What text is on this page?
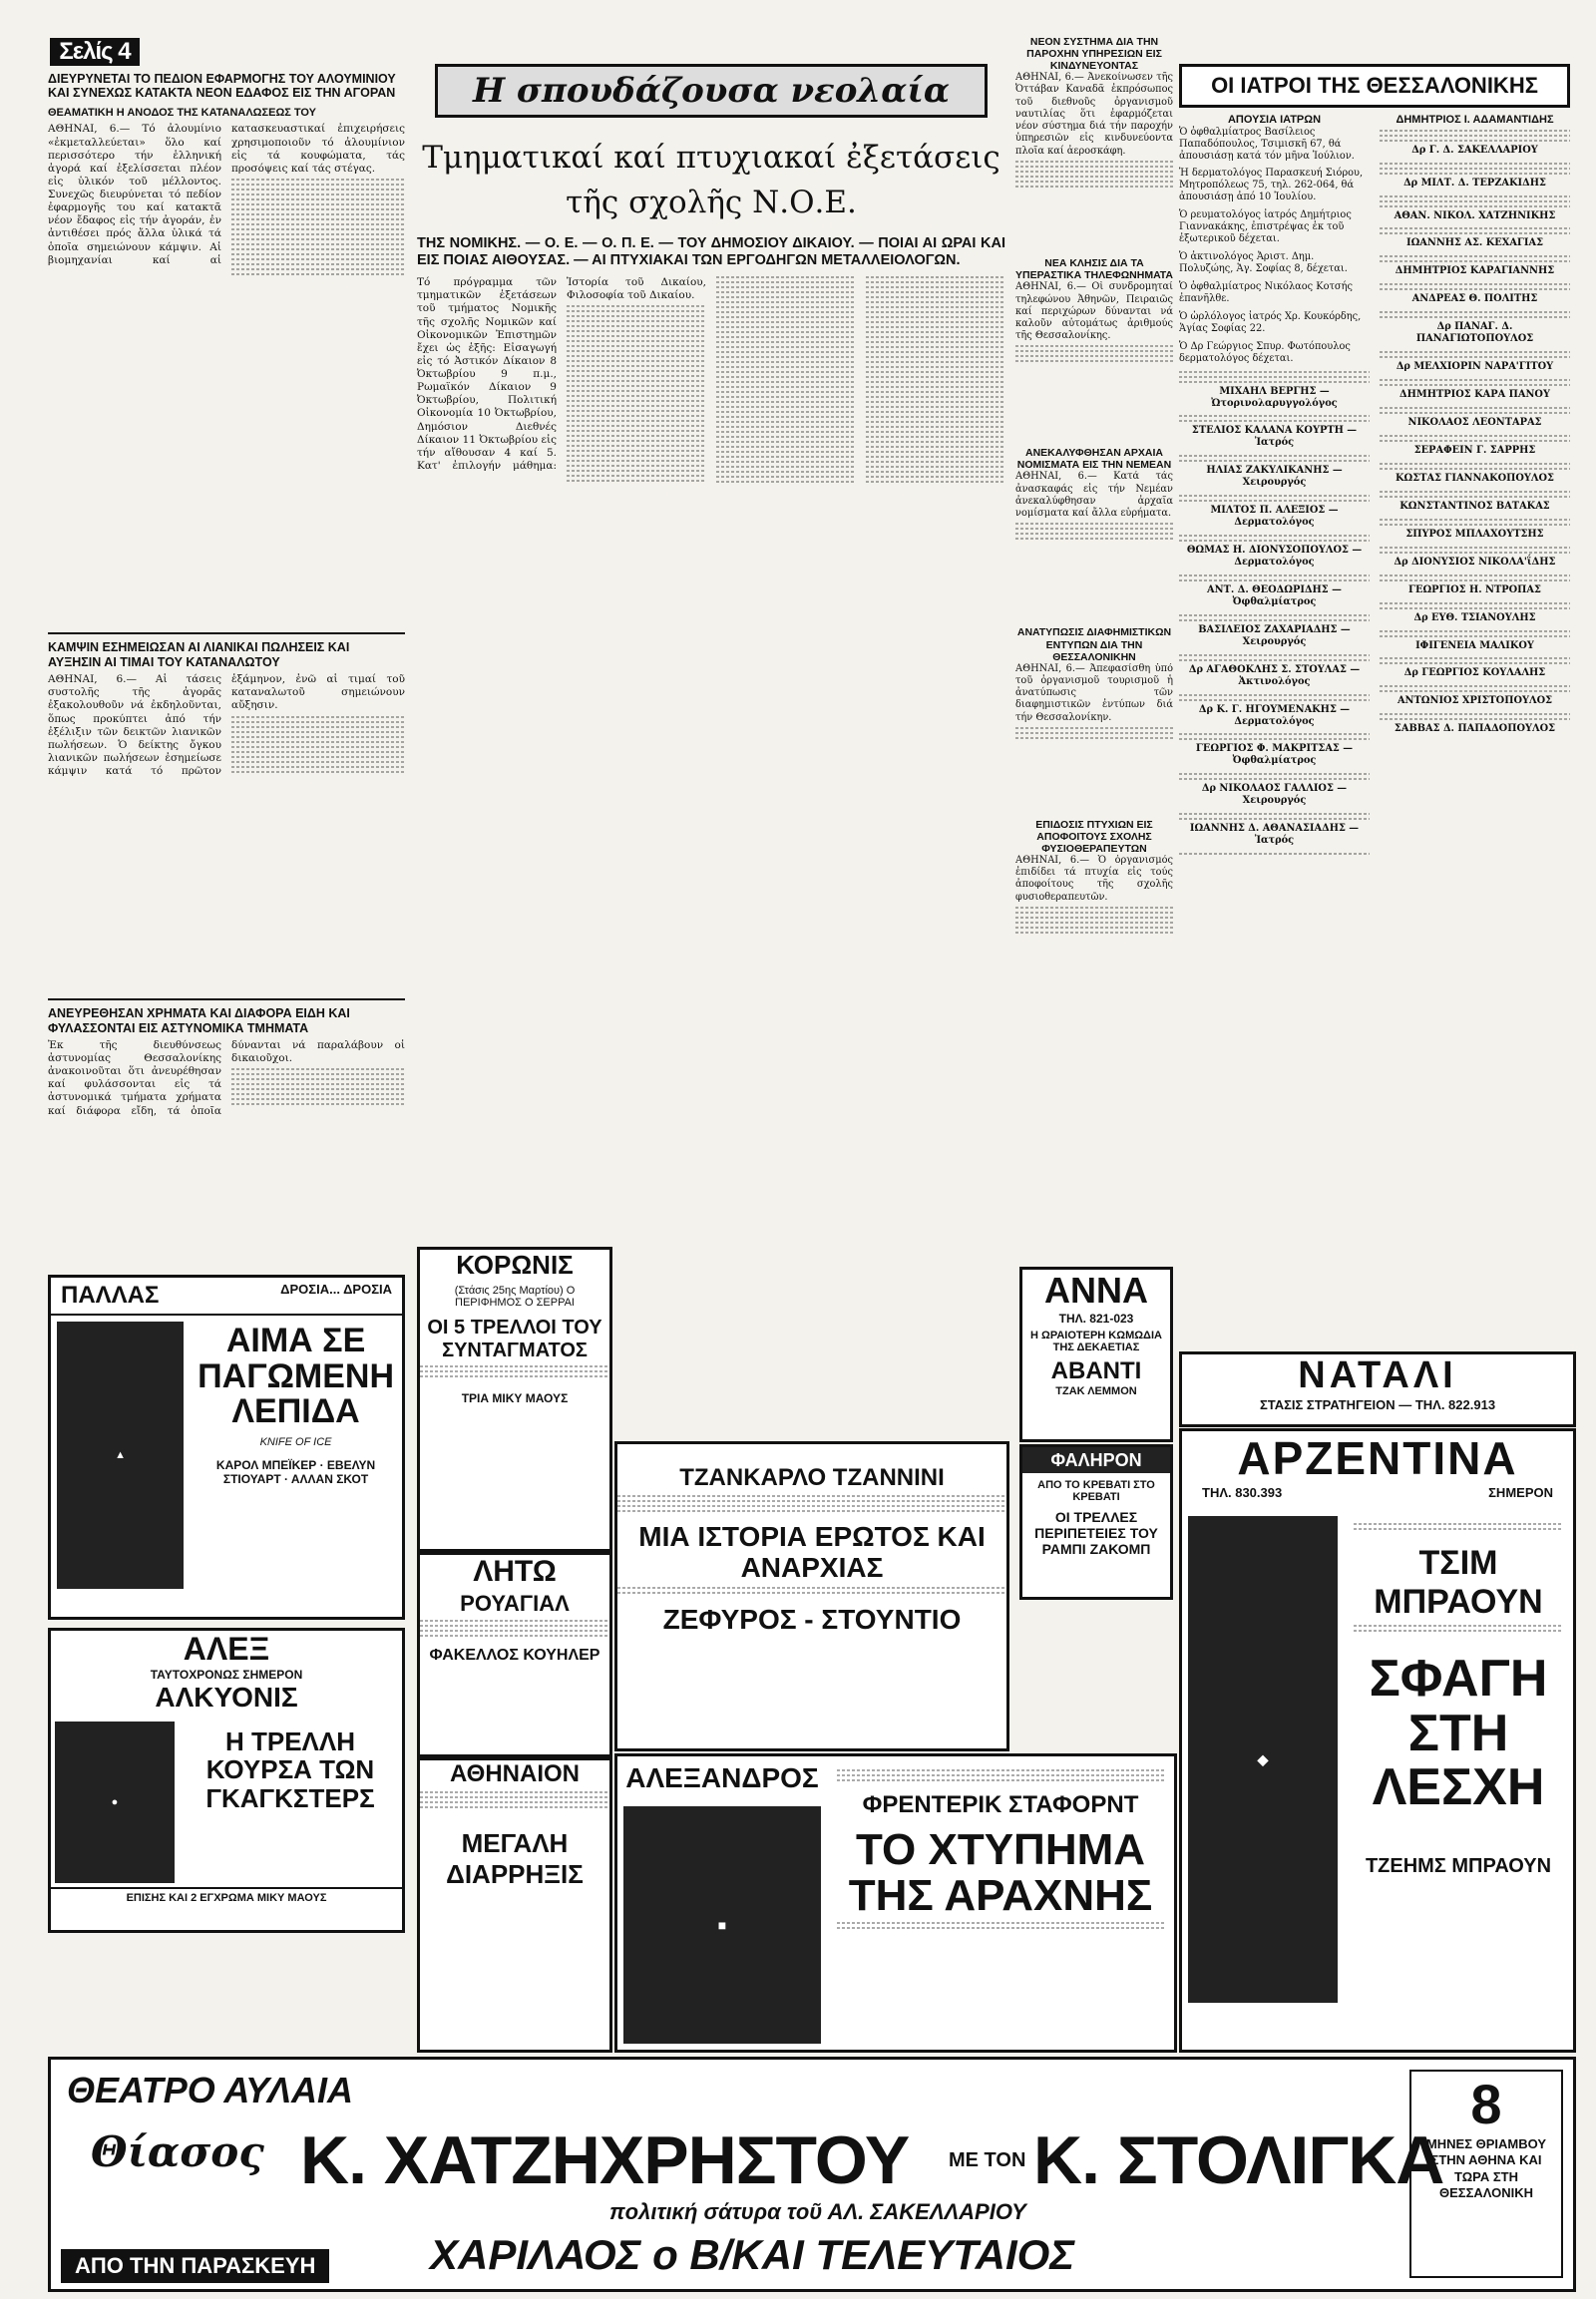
Σελίς 4
ΔΙΕΥΡΥΝΕΤΑΙ ΤΟ ΠΕΔΙΟΝ ΕΦΑΡΜΟΓΗΣ ΤΟΥ ΑΛΟΥΜΙΝΙΟΥ ΚΑΙ ΣΥΝΕΧΩΣ ΚΑΤΑΚΤΑ ΝΕΟΝ ΕΔΑΦΟΣ ΕΙΣ ΤΗΝ ΑΓΟΡΑΝ
ΘΕΑΜΑΤΙΚΗ Η ΑΝΟΔΟΣ ΤΗΣ ΚΑΤΑΝΑΛΩΣΕΩΣ ΤΟΥ
ΑΘΗΝΑΙ, 6.— Τό ἀλουμίνιο «ἐκμεταλλεύεται» ὅλο καί περισσότερο τήν ἑλληνική ἀγορά καί ἐξελίσσεται πλέον εἰς ὑλικόν τοῦ μέλλοντος. Συνεχῶς διευρύνεται τό πεδίον ἐφαρμογῆς του καί κατακτᾶ νέον ἔδαφος εἰς τήν ἀγοράν, ἐν ἀντιθέσει πρός ἄλλα ὑλικά τά ὁποῖα σημειώνουν κάμψιν. Αἱ βιομηχανίαι καί αἱ κατασκευαστικαί ἐπιχειρήσεις χρησιμοποιοῦν τό ἀλουμίνιον εἰς τά κουφώματα, τάς προσόψεις καί τάς στέγας.
ΚΑΜΨΙΝ ΕΣΗΜΕΙΩΣΑΝ ΑΙ ΛΙΑΝΙΚΑΙ ΠΩΛΗΣΕΙΣ ΚΑΙ ΑΥΞΗΣΙΝ ΑΙ ΤΙΜΑΙ ΤΟΥ ΚΑΤΑΝΑΛΩΤΟΥ
ΑΘΗΝΑΙ, 6.— Αἱ τάσεις συστολῆς τῆς ἀγορᾶς ἐξακολουθοῦν νά ἐκδηλοῦνται, ὅπως προκύπτει ἀπό τήν ἐξέλιξιν τῶν δεικτῶν λιανικῶν πωλήσεων. Ὁ δείκτης ὄγκου λιανικῶν πωλήσεων ἐσημείωσε κάμψιν κατά τό πρῶτον ἑξάμηνον, ἐνῶ αἱ τιμαί τοῦ καταναλωτοῦ σημειώνουν αὔξησιν.
ΑΝΕΥΡΕΘΗΣΑΝ ΧΡΗΜΑΤΑ ΚΑΙ ΔΙΑΦΟΡΑ ΕΙΔΗ ΚΑΙ ΦΥΛΑΣΣΟΝΤΑΙ ΕΙΣ ΑΣΤΥΝΟΜΙΚΑ ΤΜΗΜΑΤΑ
Ἐκ τῆς διευθύνσεως ἀστυνομίας Θεσσαλονίκης ἀνακοινοῦται ὅτι ἀνευρέθησαν καί φυλάσσονται εἰς τά ἀστυνομικά τμήματα χρήματα καί διάφορα εἴδη, τά ὁποῖα δύνανται νά παραλάβουν οἱ δικαιοῦχοι.
ΠΑΛΛΑΣ	ΔΡΟΣΙΑ... ΔΡΟΣΙΑ
▲
ΑΙΜΑ ΣΕ ΠΑΓΩΜΕΝΗ ΛΕΠΙΔΑ
KNIFE OF ICE
ΚΑΡΟΛ ΜΠΕΪΚΕΡ · ΕΒΕΛΥΝ ΣΤΙΟΥΑΡΤ · ΑΛΛΑΝ ΣΚΟΤ
ΑΛΕΞ
ΤΑΥΤΟΧΡΟΝΩΣ ΣΗΜΕΡΟΝ
ΑΛΚΥΟΝΙΣ
●
Η ΤΡΕΛΛΗ ΚΟΥΡΣΑ ΤΩΝ ΓΚΑΓΚΣΤΕΡΣ
ΕΠΙΣΗΣ ΚΑΙ 2 ΕΓΧΡΩΜΑ ΜΙΚΥ ΜΑΟΥΣ
Η σπουδάζουσα νεολαία
Τμηματικαί καί πτυχιακαί ἐξετάσεις τῆς σχολῆς Ν.Ο.Ε.
ΤΗΣ ΝΟΜΙΚΗΣ. — Ο. Ε. — Ο. Π. Ε. — ΤΟΥ ΔΗΜΟΣΙΟΥ ΔΙΚΑΙΟΥ. — ΠΟΙΑΙ ΑΙ ΩΡΑΙ ΚΑΙ ΕΙΣ ΠΟΙΑΣ ΑΙΘΟΥΣΑΣ. — ΑΙ ΠΤΥΧΙΑΚΑΙ ΤΩΝ ΕΡΓΟΔΗΓΩΝ ΜΕΤΑΛΛΕΙΟΛΟΓΩΝ.
Τό πρόγραμμα τῶν τμηματικῶν ἐξετάσεων τοῦ τμήματος Νομικῆς τῆς σχολῆς Νομικῶν καί Οἰκονομικῶν Ἐπιστημῶν ἔχει ὡς ἑξῆς: Εἰσαγωγή εἰς τό Ἀστικόν Δίκαιον 8 Ὀκτωβρίου 9 π.μ., Ρωμαϊκόν Δίκαιον 9 Ὀκτωβρίου, Πολιτική Οἰκονομία 10 Ὀκτωβρίου, Δημόσιον Διεθνές Δίκαιον 11 Ὀκτωβρίου εἰς τήν αἴθουσαν 4 καί 5. Κατ' ἐπιλογήν μάθημα: Ἱστορία τοῦ Δικαίου, Φιλοσοφία τοῦ Δικαίου.
ΝΕΟΝ ΣΥΣΤΗΜΑ ΔΙΑ ΤΗΝ ΠΑΡΟΧΗΝ ΥΠΗΡΕΣΙΩΝ ΕΙΣ ΚΙΝΔΥΝΕΥΟΝΤΑΣ
ΑΘΗΝΑΙ, 6.— Ἀνεκοίνωσεν τῆς Ὀττάβαν Καναδᾶ ἐκπρόσωπος τοῦ διεθνοῦς ὀργανισμοῦ ναυτιλίας ὅτι ἐφαρμόζεται νέον σύστημα διά τήν παροχήν ὑπηρεσιῶν εἰς κινδυνεύοντα πλοῖα καί ἀεροσκάφη.
ΝΕΑ ΚΛΗΣΙΣ ΔΙΑ ΤΑ ΥΠΕΡΑΣΤΙΚΑ ΤΗΛΕΦΩΝΗΜΑΤΑ
ΑΘΗΝΑΙ, 6.— Οἱ συνδρομηταί τηλεφώνου Ἀθηνῶν, Πειραιῶς καί περιχώρων δύνανται νά καλοῦν αὐτομάτως ἀριθμούς τῆς Θεσσαλονίκης.
ΑΝΕΚΑΛΥΦΘΗΣΑΝ ΑΡΧΑΙΑ ΝΟΜΙΣΜΑΤΑ ΕΙΣ ΤΗΝ ΝΕΜΕΑΝ
ΑΘΗΝΑΙ, 6.— Κατά τάς ἀνασκαφάς εἰς τήν Νεμέαν ἀνεκαλύφθησαν ἀρχαῖα νομίσματα καί ἄλλα εὑρήματα.
ΑΝΑΤΥΠΩΣΙΣ ΔΙΑΦΗΜΙΣΤΙΚΩΝ ΕΝΤΥΠΩΝ ΔΙΑ ΤΗΝ ΘΕΣΣΑΛΟΝΙΚΗΝ
ΑΘΗΝΑΙ, 6.— Ἀπεφασίσθη ὑπό τοῦ ὀργανισμοῦ τουρισμοῦ ἡ ἀνατύπωσις τῶν διαφημιστικῶν ἐντύπων διά τήν Θεσσαλονίκην.
ΕΠΙΔΟΣΙΣ ΠΤΥΧΙΩΝ ΕΙΣ ΑΠΟΦΟΙΤΟΥΣ ΣΧΟΛΗΣ ΦΥΣΙΟΘΕΡΑΠΕΥΤΩΝ
ΑΘΗΝΑΙ, 6.— Ὁ ὀργανισμός ἐπιδίδει τά πτυχία εἰς τούς ἀποφοίτους τῆς σχολῆς φυσιοθεραπευτῶν.
ΑΝΝΑ
ΤΗΛ. 821-023
Η ΩΡΑΙΟΤΕΡΗ ΚΩΜΩΔΙΑ ΤΗΣ ΔΕΚΑΕΤΙΑΣ
ΑΒΑΝΤΙ
ΤΖΑΚ ΛΕΜΜΟΝ
ΦΑΛΗΡΟΝ
ΑΠΟ ΤΟ ΚΡΕΒΑΤΙ ΣΤΟ ΚΡΕΒΑΤΙ
ΟΙ ΤΡΕΛΛΕΣ ΠΕΡΙΠΕΤΕΙΕΣ ΤΟΥ ΡΑΜΠΙ ΖΑΚΟΜΠ
ΚΟΡΩΝΙΣ
(Στάσις 25ης Μαρτίου) Ο ΠΕΡΙΦΗΜΟΣ Ο ΣΕΡΡΑΙ
ΟΙ 5 ΤΡΕΛΛΟΙ ΤΟΥ ΣΥΝΤΑΓΜΑΤΟΣ
ΤΡΙΑ ΜΙΚΥ ΜΑΟΥΣ
ΛΗΤΩ
ΡΟΥΑΓΙΑΛ
ΦΑΚΕΛΛΟΣ ΚΟΥΗΛΕΡ
ΑΘΗΝΑΙΟΝ
ΜΕΓΑΛΗ ΔΙΑΡΡΗΞΙΣ
ΤΖΑΝΚΑΡΛΟ ΤΖΑΝΝΙΝΙ
ΜΙΑ ΙΣΤΟΡΙΑ ΕΡΩΤΟΣ ΚΑΙ ΑΝΑΡΧΙΑΣ
ΖΕΦΥΡΟΣ - ΣΤΟΥΝΤΙΟ
ΑΛΕΞΑΝΔΡΟΣ
■
ΦΡΕΝΤΕΡΙΚ ΣΤΑΦΟΡΝΤ
ΤΟ ΧΤΥΠΗΜΑ ΤΗΣ ΑΡΑΧΝΗΣ
ΟΙ ΙΑΤΡΟΙ ΤΗΣ ΘΕΣΣΑΛΟΝΙΚΗΣ
ΑΠΟΥΣΙΑ ΙΑΤΡΩΝ

Ὁ ὀφθαλμίατρος Βασίλειος Παπαδόπουλος, Τσιμισκῆ 67, θά ἀπουσιάσῃ κατά τόν μῆνα Ἰούλιον.

Ἡ δερματολόγος Παρασκευή Σιόρου, Μητροπόλεως 75, τηλ. 262-064, θά ἀπουσιάσῃ ἀπό 10 Ἰουλίου.

Ὁ ρευματολόγος ἰατρός Δημήτριος Γιαννακάκης, ἐπιστρέψας ἐκ τοῦ ἐξωτερικοῦ δέχεται.

Ὁ ἀκτινολόγος Ἀριστ. Δημ. Πολυζώης, Ἁγ. Σοφίας 8, δέχεται.

Ὁ ὀφθαλμίατρος Νικόλαος Κοτσής ἐπανῆλθε.

Ὁ ὠρλόλογος ἰατρός Χρ. Κουκόρδης, Ἁγίας Σοφίας 22.

Ὁ Δρ Γεώργιος Σπυρ. Φωτόπουλος δερματολόγος δέχεται.

ΜΙΧΑΗΛ ΒΕΡΓΗΣ — Ὠτορινολαρυγγολόγος

ΣΤΕΛΙΟΣ ΚΑΛΑΝΑ ΚΟΥΡΤΗ — Ἰατρός

ΗΛΙΑΣ ΖΑΚΥΛΙΚΑΝΗΣ — Χειρουργός

ΜΙΛΤΟΣ Π. ΑΛΕΞΙΟΣ — Δερματολόγος

ΘΩΜΑΣ Η. ΔΙΟΝΥΣΟΠΟΥΛΟΣ — Δερματολόγος

ΑΝΤ. Δ. ΘΕΟΔΩΡΙΔΗΣ — Ὀφθαλμίατρος

ΒΑΣΙΛΕΙΟΣ ΖΑΧΑΡΙΑΔΗΣ — Χειρουργός

Δρ ΑΓΑΘΟΚΛΗΣ Σ. ΣΤΟΥΛΑΣ — Ἀκτινολόγος

Δρ Κ. Γ. ΗΓΟΥΜΕΝΑΚΗΣ — Δερματολόγος

ΓΕΩΡΓΙΟΣ Φ. ΜΑΚΡΙΤΣΑΣ — Ὀφθαλμίατρος

Δρ ΝΙΚΟΛΑΟΣ ΓΑΛΛΙΟΣ — Χειρουργός

ΙΩΑΝΝΗΣ Δ. ΑΘΑΝΑΣΙΑΔΗΣ — Ἰατρός

ΔΗΜΗΤΡΙΟΣ Ι. ΑΔΑΜΑΝΤΙΔΗΣ

Δρ Γ. Δ. ΣΑΚΕΛΛΑΡΙΟΥ

Δρ ΜΙΛΤ. Δ. ΤΕΡΖΑΚΙΔΗΣ

ΑΘΑΝ. ΝΙΚΟΛ. ΧΑΤΖΗΝΙΚΗΣ

ΙΩΑΝΝΗΣ ΑΣ. ΚΕΧΑΓΙΑΣ

ΔΗΜΗΤΡΙΟΣ ΚΑΡΑΓΙΑΝΝΗΣ

ΑΝΔΡΕΑΣ Θ. ΠΟΛΙΤΗΣ

Δρ ΠΑΝΑΓ. Δ. ΠΑΝΑΓΙΩΤΟΠΟΥΛΟΣ

Δρ ΜΕΛΧΙΟΡΙΝ ΝΑΡΑ'ΓΙΤΟΥ

ΔΗΜΗΤΡΙΟΣ ΚΑΡΑ ΠΑΝΟΥ

ΝΙΚΟΛΑΟΣ ΛΕΟΝΤΑΡΑΣ

ΣΕΡΑΦΕΙΝ Γ. ΣΑΡΡΗΣ

ΚΩΣΤΑΣ ΓΙΑΝΝΑΚΟΠΟΥΛΟΣ

ΚΩΝΣΤΑΝΤΙΝΟΣ ΒΑΤΑΚΑΣ

ΣΠΥΡΟΣ ΜΠΛΑΧΟΥΤΣΗΣ

Δρ ΔΙΟΝΥΣΙΟΣ ΝΙΚΟΛΑ'ΐΔΗΣ

ΓΕΩΡΓΙΟΣ Η. ΝΤΡΟΠΑΣ

Δρ ΕΥΘ. ΤΣΙΑΝΟΥΛΗΣ

ΙΦΙΓΕΝΕΙΑ ΜΑΛΙΚΟΥ

Δρ ΓΕΩΡΓΙΟΣ ΚΟΥΛΑΛΗΣ

ΑΝΤΩΝΙΟΣ ΧΡΙΣΤΟΠΟΥΛΟΣ

ΣΑΒΒΑΣ Δ. ΠΑΠΑΔΟΠΟΥΛΟΣ

ΝΑΤΑΛΙ
ΣΤΑΣΙΣ ΣΤΡΑΤΗΓΕΙΟΝ — ΤΗΛ. 822.913
ΑΡΖΕΝΤΙΝΑ
ΤΗΛ. 830.393	ΣΗΜΕΡΟΝ
◆
ΤΣΙΜ ΜΠΡΑΟΥΝ
ΣΦΑΓΗ ΣΤΗ ΛΕΣΧΗ
ΤΖΕΗΜΣ ΜΠΡΑΟΥΝ
ΘΕΑΤΡΟ ΑΥΛΑΙΑ
Θίασος Κ. ΧΑΤΖΗΧΡΗΣΤΟΥ ΜΕ ΤΟΝ Κ. ΣΤΟΛΙΓΚΑ
πολιτική σάτυρα τοῦ ΑΛ. ΣΑΚΕΛΛΑΡΙΟΥ
ΧΑΡΙΛΑΟΣ ο Β/ΚΑΙ ΤΕΛΕΥΤΑΙΟΣ
ΑΠΟ ΤΗΝ ΠΑΡΑΣΚΕΥΗ
8
ΜΗΝΕΣ ΘΡΙΑΜΒΟΥ ΣΤΗΝ ΑΘΗΝΑ ΚΑΙ ΤΩΡΑ ΣΤΗ ΘΕΣΣΑΛΟΝΙΚΗ
